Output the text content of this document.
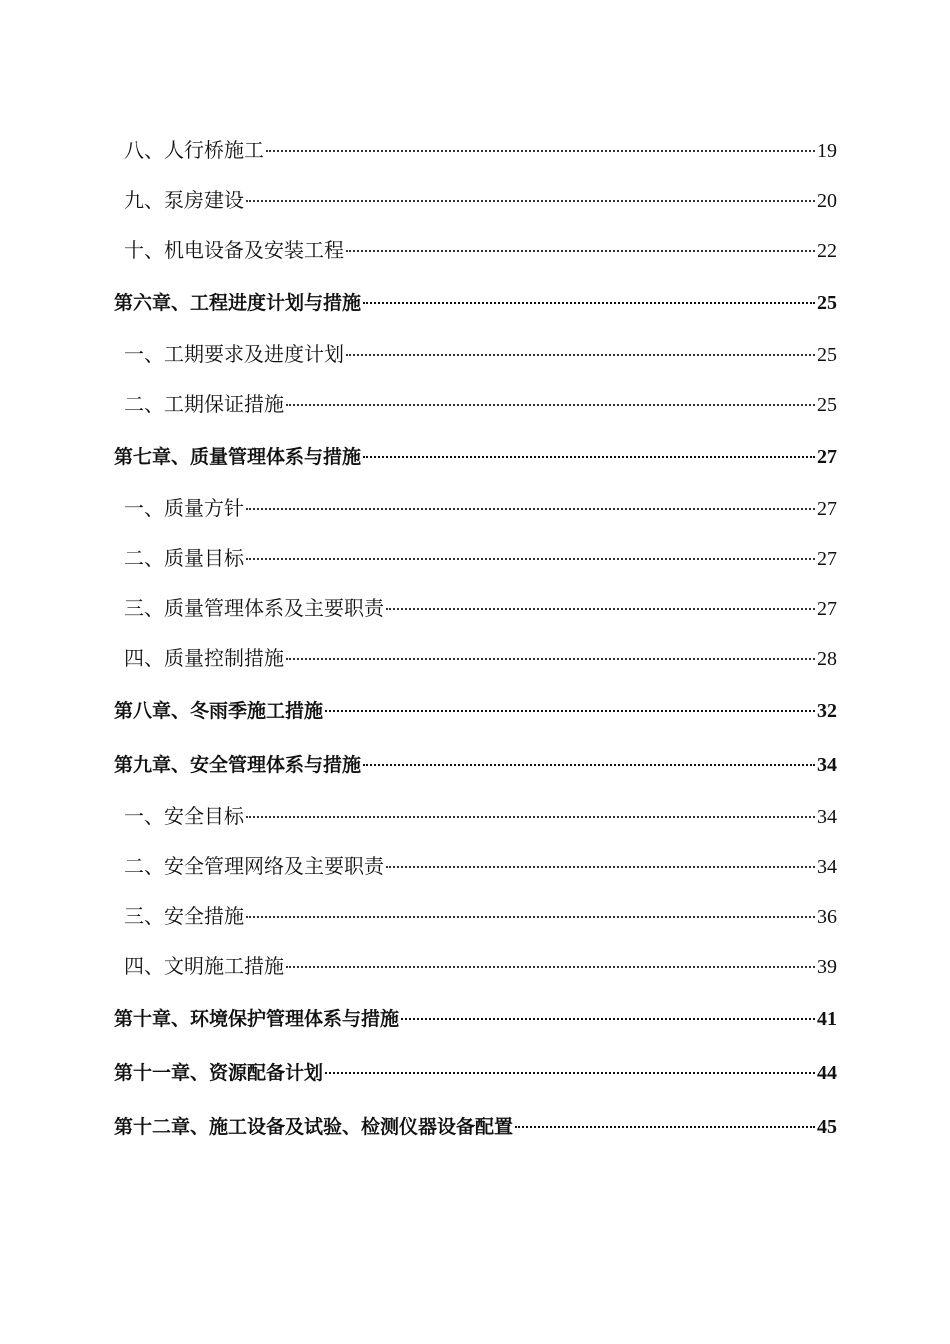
八、人行桥施工	19
九、泵房建设	20
十、机电设备及安装工程	22
第六章、工程进度计划与措施	25
一、工期要求及进度计划	25
二、工期保证措施	25
第七章、质量管理体系与措施	27
一、质量方针	27
二、质量目标	27
三、质量管理体系及主要职责	27
四、质量控制措施	28
第八章、冬雨季施工措施	32
第九章、安全管理体系与措施	34
一、安全目标	34
二、安全管理网络及主要职责	34
三、安全措施	36
四、文明施工措施	39
第十章、环境保护管理体系与措施	41
第十一章、资源配备计划	44
第十二章、施工设备及试验、检测仪器设备配置	45
